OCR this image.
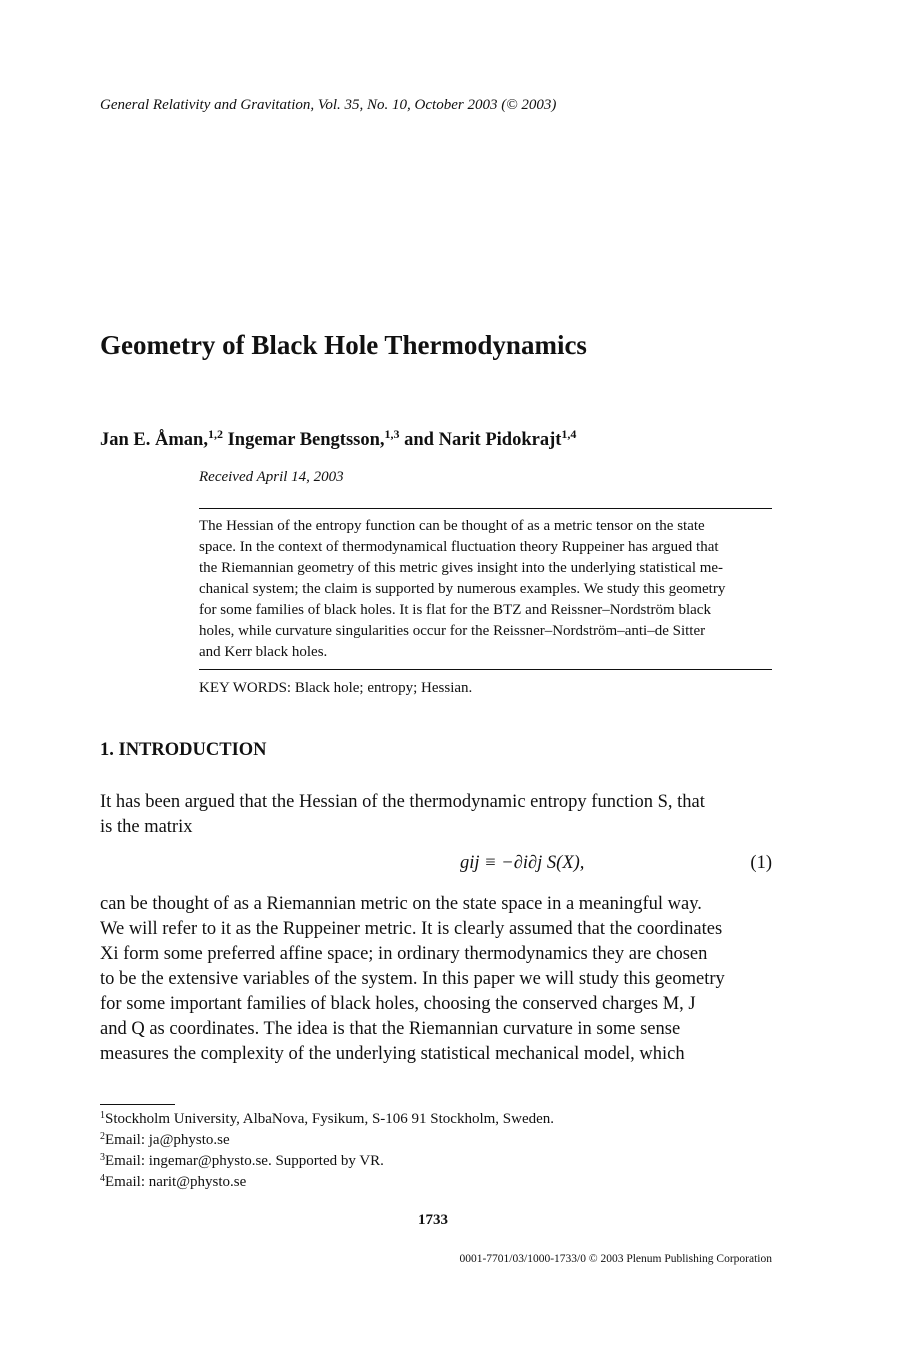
General Relativity and Gravitation, Vol. 35, No. 10, October 2003 (© 2003)
Geometry of Black Hole Thermodynamics
Jan E. Åman,$^{1,2}$ Ingemar Bengtsson,$^{1,3}$ and Narit Pidokrajt$^{1,4}$
Received April 14, 2003
The Hessian of the entropy function can be thought of as a metric tensor on the state
space. In the context of thermodynamical fluctuation theory Ruppeiner has argued that
the Riemannian geometry of this metric gives insight into the underlying statistical me-
chanical system; the claim is supported by numerous examples. We study this geometry
for some families of black holes. It is flat for the BTZ and Reissner–Nordström black
holes, while curvature singularities occur for the Reissner–Nordström–anti–de Sitter
and Kerr black holes.
KEY WORDS: Black hole; entropy; Hessian.
1. INTRODUCTION
It has been argued that the Hessian of the thermodynamic entropy function S, that
is the matrix
gij ≡ −∂i∂j S(X),	(1)
can be thought of as a Riemannian metric on the state space in a meaningful way.
We will refer to it as the Ruppeiner metric. It is clearly assumed that the coordinates
Xi form some preferred affine space; in ordinary thermodynamics they are chosen
to be the extensive variables of the system. In this paper we will study this geometry
for some important families of black holes, choosing the conserved charges M, J
and Q as coordinates. The idea is that the Riemannian curvature in some sense
measures the complexity of the underlying statistical mechanical model, which
$^1$Stockholm University, AlbaNova, Fysikum, S-106 91 Stockholm, Sweden.
$^2$Email: ja@physto.se
$^3$Email: ingemar@physto.se. Supported by VR.
$^4$Email: narit@physto.se
1733
0001-7701/03/1000-1733/0 © 2003 Plenum Publishing Corporation
